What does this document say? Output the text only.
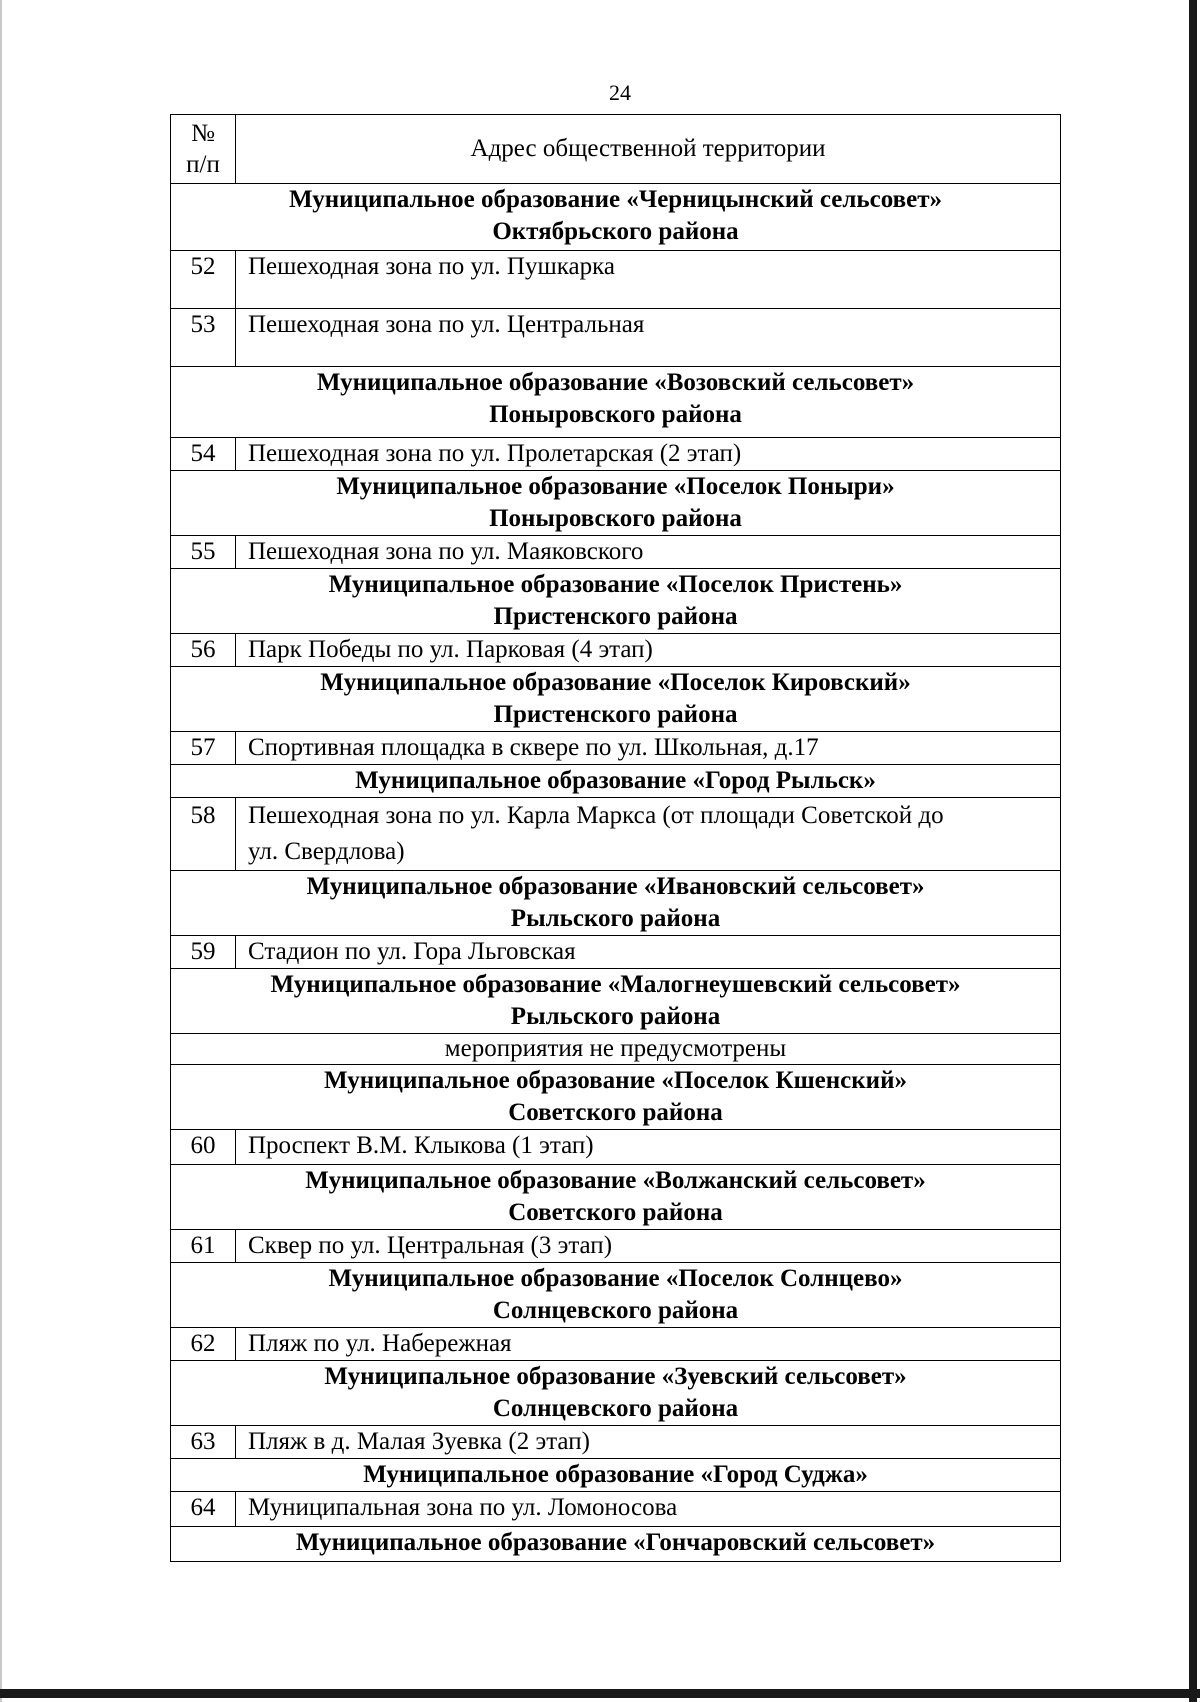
24
№
п/п	Адрес общественной территории

Муниципальное образование «Черницынский сельсовет»
Октябрьского района	

52	Пешеходная зона по ул. Пушкарка
53	Пешеходная зона по ул. Центральная

Муниципальное образование «Возовский сельсовет»
Поныровского района	

54	Пешеходная зона по ул. Пролетарская (2 этап)

Муниципальное образование «Поселок Поныри»
Поныровского района	

55	Пешеходная зона по ул. Маяковского

Муниципальное образование «Поселок Пристень»
Пристенского района	

56	Парк Победы по ул. Парковая (4 этап)

Муниципальное образование «Поселок Кировский»
Пристенского района	

57	Спортивная площадка в сквере по ул. Школьная, д.17

Муниципальное образование «Город Рыльск»	

58	Пешеходная зона по ул. Карла Маркса (от площади Советской до
ул. Свердлова)

Муниципальное образование «Ивановский сельсовет»
Рыльского района	

59	Стадион по ул. Гора Льговская

Муниципальное образование «Малогнеушевский сельсовет»
Рыльского района	

мероприятия не предусмотрены	

Муниципальное образование «Поселок Кшенский»
Советского района	

60	Проспект В.М. Клыкова (1 этап)

Муниципальное образование «Волжанский сельсовет»
Советского района	

61	Сквер по ул. Центральная (3 этап)

Муниципальное образование «Поселок Солнцево»
Солнцевского района	

62	Пляж по ул. Набережная

Муниципальное образование «Зуевский сельсовет»
Солнцевского района	

63	Пляж в д. Малая Зуевка (2 этап)

Муниципальное образование «Город Суджа»	

64	Муниципальная зона по ул. Ломоносова

Муниципальное образование «Гончаровский сельсовет»	
